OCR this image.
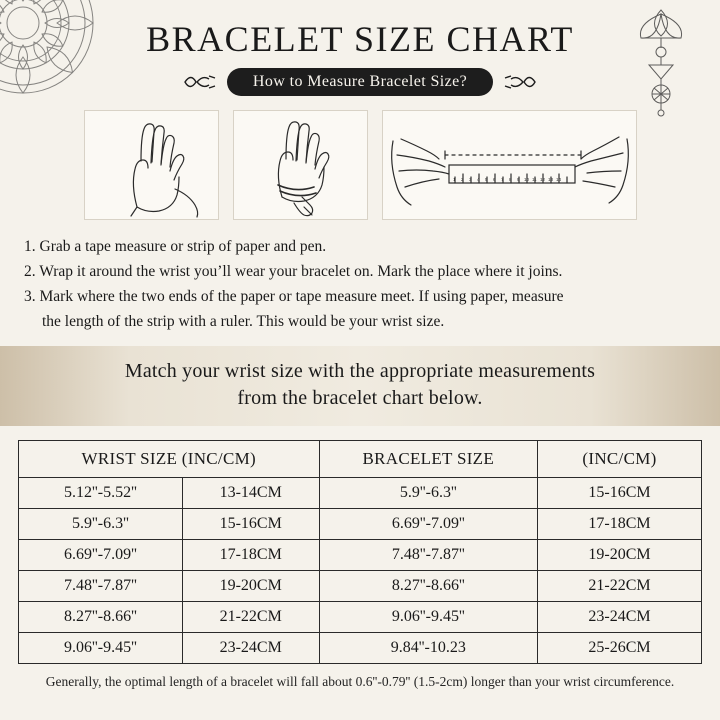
BRACELET SIZE CHART
How to Measure Bracelet Size?
1 2 3 4 5 6 7 8 9 10 11 12 13 14
1. Grab a tape measure or strip of paper and pen.
2. Wrap it around the wrist you’ll wear your bracelet on. Mark the place where it joins.
3. Mark where the two ends of the paper or tape measure meet. If using paper, measure
the length of the strip with a ruler. This would be your wrist size.
Match your wrist size with the appropriate measurements
from the bracelet chart below.
WRIST SIZE (INC/CM)		BRACELET SIZE	(INC/CM)
5.12''-5.52''	13-14CM	5.9''-6.3''	15-16CM
5.9''-6.3''	15-16CM	6.69''-7.09''	17-18CM
6.69''-7.09''	17-18CM	7.48''-7.87''	19-20CM
7.48''-7.87''	19-20CM	8.27''-8.66''	21-22CM
8.27''-8.66''	21-22CM	9.06''-9.45''	23-24CM
9.06''-9.45''	23-24CM	9.84''-10.23	25-26CM
Generally, the optimal length of a bracelet will fall about 0.6''-0.79'' (1.5-2cm) longer than your wrist circumference.
